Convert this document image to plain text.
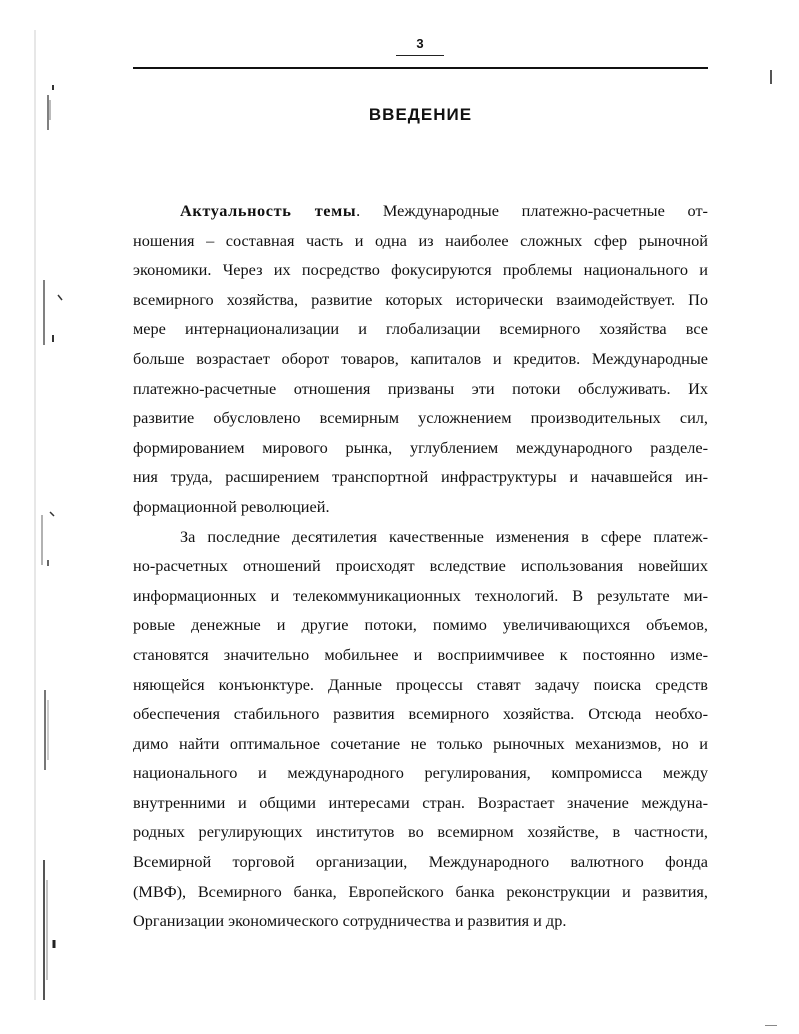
3
ВВЕДЕНИЕ
Актуальность темы. Международные платежно-расчетные от-
ношения – составная часть и одна из наиболее сложных сфер рыночной
экономики. Через их посредство фокусируются проблемы национального и
всемирного хозяйства, развитие которых исторически взаимодействует. По
мере интернационализации и глобализации всемирного хозяйства все
больше возрастает оборот товаров, капиталов и кредитов. Международные
платежно-расчетные отношения призваны эти потоки обслуживать. Их
развитие обусловлено всемирным усложнением производительных сил,
формированием мирового рынка, углублением международного разделе-
ния труда, расширением транспортной инфраструктуры и начавшейся ин-
формационной революцией.
За последние десятилетия качественные изменения в сфере платеж-
но-расчетных отношений происходят вследствие использования новейших
информационных и телекоммуникационных технологий. В результате ми-
ровые денежные и другие потоки, помимо увеличивающихся объемов,
становятся значительно мобильнее и восприимчивее к постоянно изме-
няющейся конъюнктуре. Данные процессы ставят задачу поиска средств
обеспечения стабильного развития всемирного хозяйства. Отсюда необхо-
димо найти оптимальное сочетание не только рыночных механизмов, но и
национального и международного регулирования, компромисса между
внутренними и общими интересами стран. Возрастает значение междуна-
родных регулирующих институтов во всемирном хозяйстве, в частности,
Всемирной торговой организации, Международного валютного фонда
(МВФ), Всемирного банка, Европейского банка реконструкции и развития,
Организации экономического сотрудничества и развития и др.
